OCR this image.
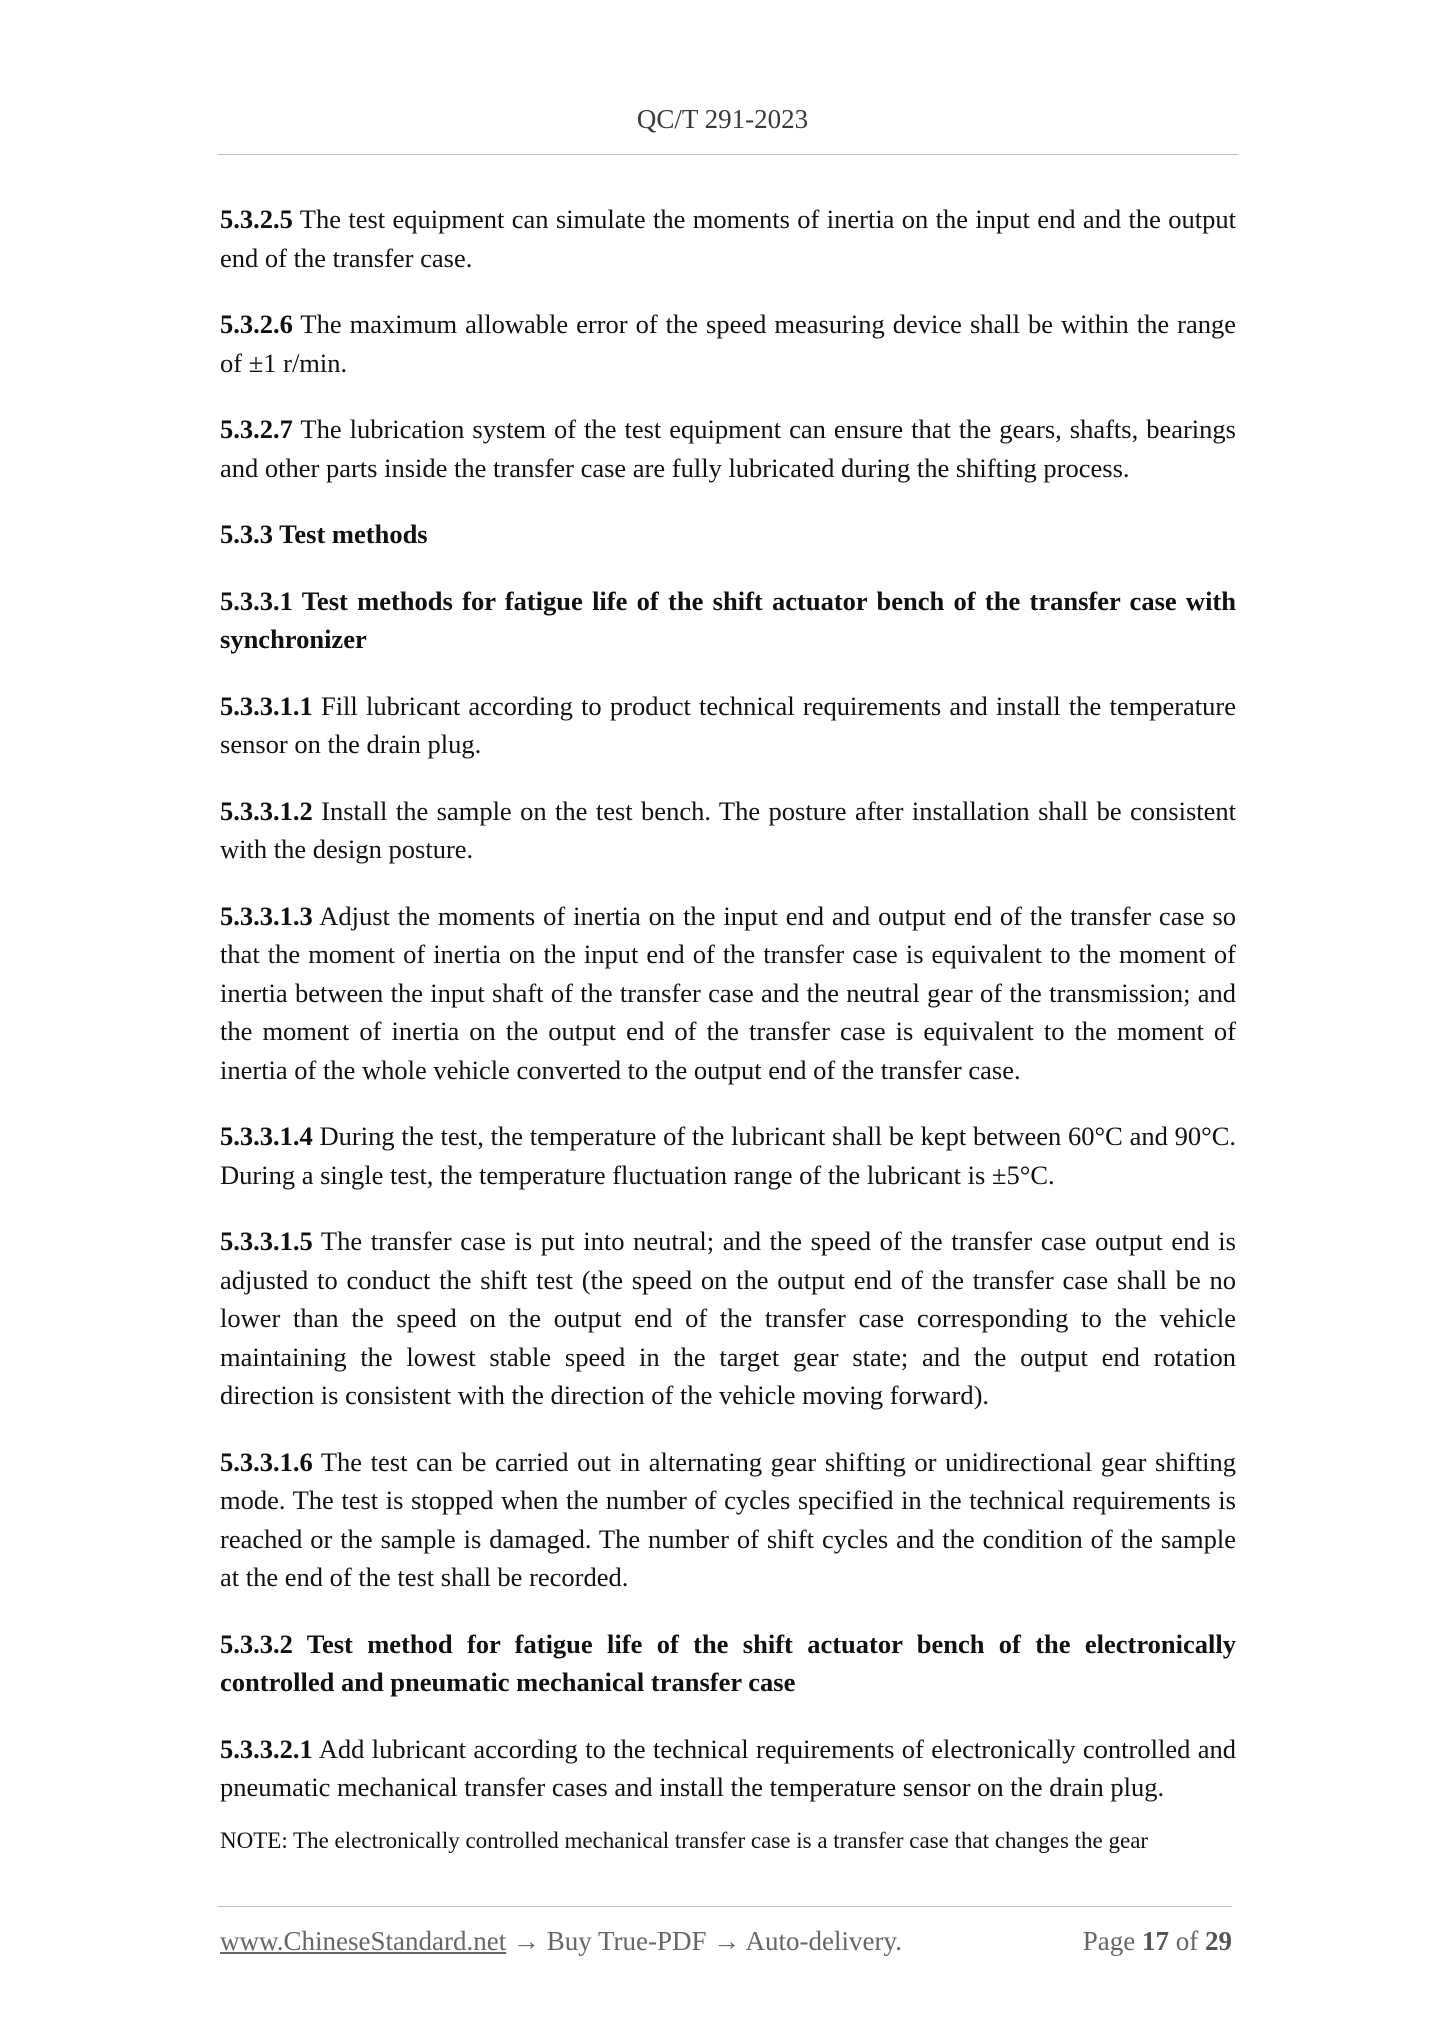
QC/T 291-2023

5.3.2.5 The test equipment can simulate the moments of inertia on the input end and the output end of the transfer case.

5.3.2.6 The maximum allowable error of the speed measuring device shall be within the range of ±1 r/min.

5.3.2.7 The lubrication system of the test equipment can ensure that the gears, shafts, bearings and other parts inside the transfer case are fully lubricated during the shifting process.

5.3.3 Test methods

5.3.3.1 Test methods for fatigue life of the shift actuator bench of the transfer case with synchronizer

5.3.3.1.1 Fill lubricant according to product technical requirements and install the temperature sensor on the drain plug.

5.3.3.1.2 Install the sample on the test bench. The posture after installation shall be consistent with the design posture.

5.3.3.1.3 Adjust the moments of inertia on the input end and output end of the transfer case so that the moment of inertia on the input end of the transfer case is equivalent to the moment of inertia between the input shaft of the transfer case and the neutral gear of the transmission; and the moment of inertia on the output end of the transfer case is equivalent to the moment of inertia of the whole vehicle converted to the output end of the transfer case.

5.3.3.1.4 During the test, the temperature of the lubricant shall be kept between 60°C and 90°C. During a single test, the temperature fluctuation range of the lubricant is ±5°C.

5.3.3.1.5 The transfer case is put into neutral; and the speed of the transfer case output end is adjusted to conduct the shift test (the speed on the output end of the transfer case shall be no lower than the speed on the output end of the transfer case corresponding to the vehicle maintaining the lowest stable speed in the target gear state; and the output end rotation direction is consistent with the direction of the vehicle moving forward).

5.3.3.1.6 The test can be carried out in alternating gear shifting or unidirectional gear shifting mode. The test is stopped when the number of cycles specified in the technical requirements is reached or the sample is damaged. The number of shift cycles and the condition of the sample at the end of the test shall be recorded.

5.3.3.2 Test method for fatigue life of the shift actuator bench of the electronically controlled and pneumatic mechanical transfer case

5.3.3.2.1 Add lubricant according to the technical requirements of electronically controlled and pneumatic mechanical transfer cases and install the temperature sensor on the drain plug.

NOTE: The electronically controlled mechanical transfer case is a transfer case that changes the gear

www.ChineseStandard.net → Buy True-PDF → Auto-delivery.	Page 17 of 29
